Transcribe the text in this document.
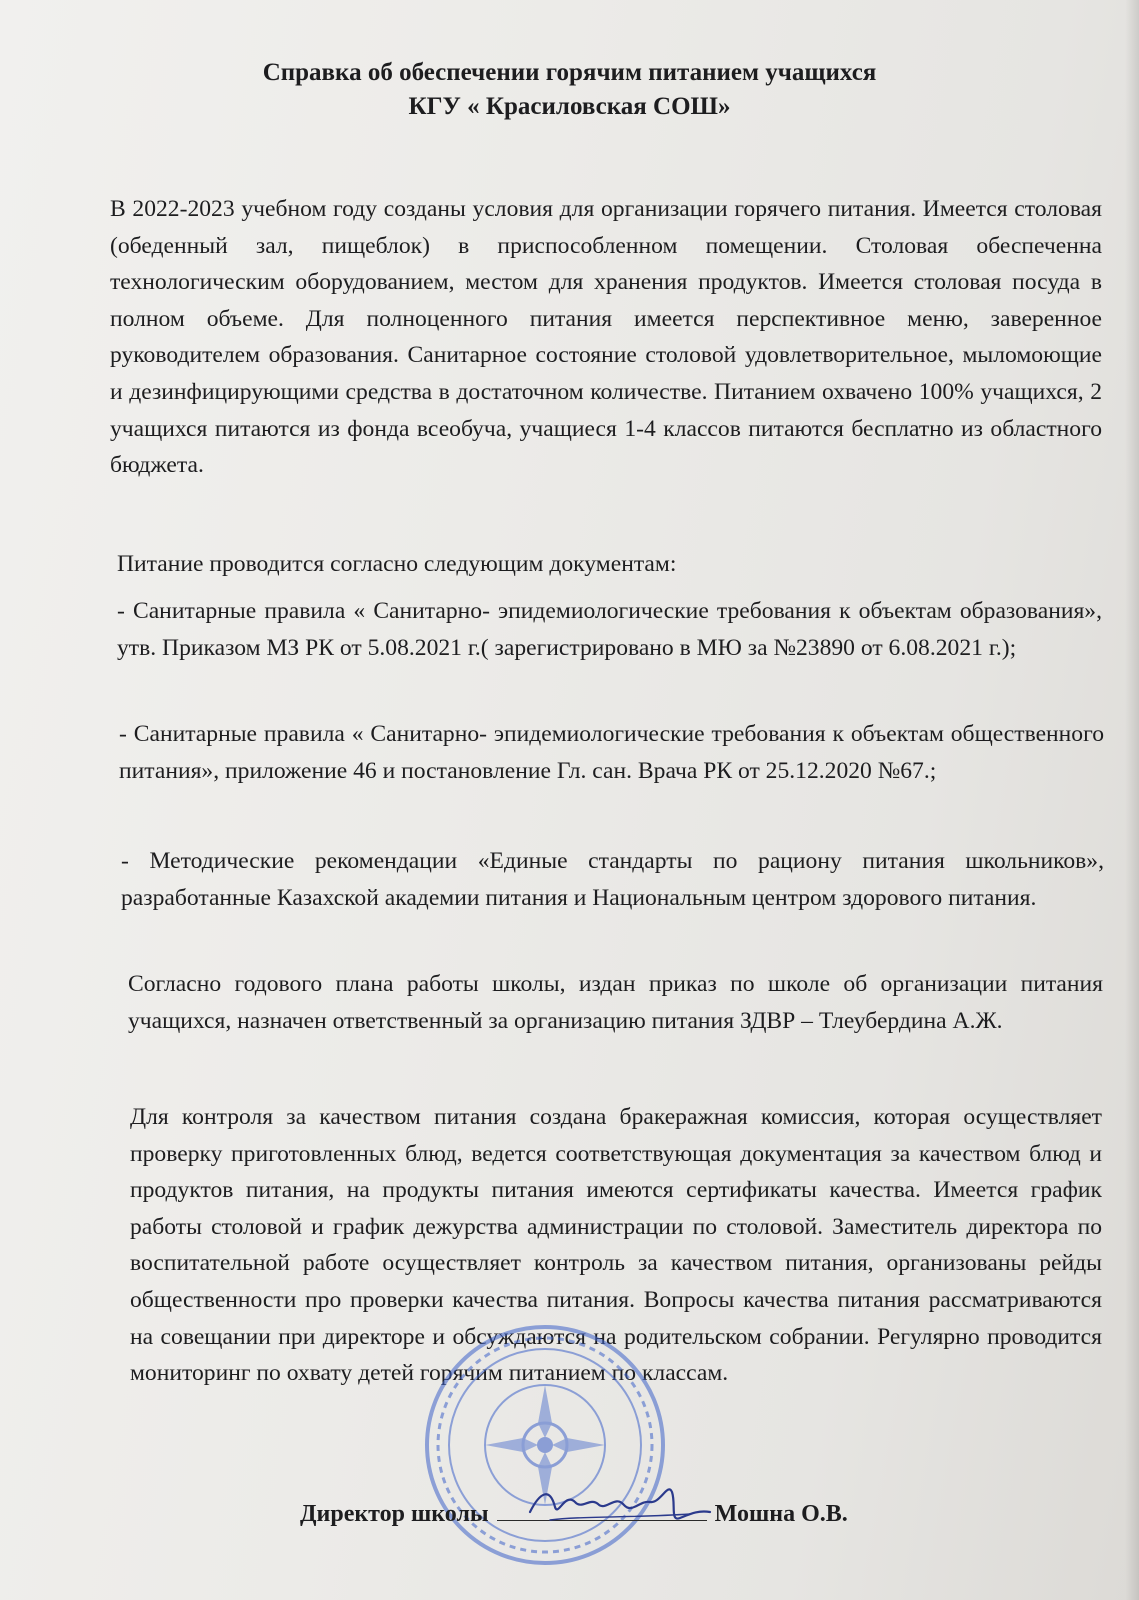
Справка об обеспечении горячим питанием учащихся
КГУ « Красиловская СОШ»

В 2022-2023 учебном году созданы условия для организации горячего питания. Имеется столовая (обеденный зал, пищеблок) в приспособленном помещении. Столовая обеспеченна технологическим оборудованием, местом для хранения продуктов. Имеется столовая посуда в полном объеме. Для полноценного питания имеется перспективное меню, заверенное руководителем образования. Санитарное состояние столовой удовлетворительное, мыломоющие и дезинфицирующими средства в достаточном количестве. Питанием охвачено 100% учащихся, 2 учащихся питаются из фонда всеобуча, учащиеся 1-4 классов питаются бесплатно из областного бюджета.

Питание проводится согласно следующим документам:

- Санитарные правила « Санитарно- эпидемиологические требования к объектам образования», утв. Приказом МЗ РК от 5.08.2021 г.( зарегистрировано в МЮ за №23890 от 6.08.2021 г.);

- Санитарные правила « Санитарно- эпидемиологические требования к объектам общественного питания», приложение 46 и постановление Гл. сан. Врача РК от 25.12.2020 №67.;

- Методические рекомендации «Единые стандарты по рациону питания школьников», разработанные Казахской академии питания и Национальным центром здорового питания.

Согласно годового плана работы школы, издан приказ по школе об организации питания учащихся, назначен ответственный за организацию питания ЗДВР – Тлеубердина А.Ж.

Для контроля за качеством питания создана бракеражная комиссия, которая осуществляет проверку приготовленных блюд, ведется соответствующая документация за качеством блюд и продуктов питания, на продукты питания имеются сертификаты качества. Имеется график работы столовой и график дежурства администрации по столовой. Заместитель директора по воспитательной работе осуществляет контроль за качеством питания, организованы рейды общественности про проверки качества питания. Вопросы качества питания рассматриваются на совещании при директоре и обсуждаются на родительском собрании. Регулярно проводится мониторинг по охвату детей горячим питанием по классам.

Директор школы	Мошна О.В.
